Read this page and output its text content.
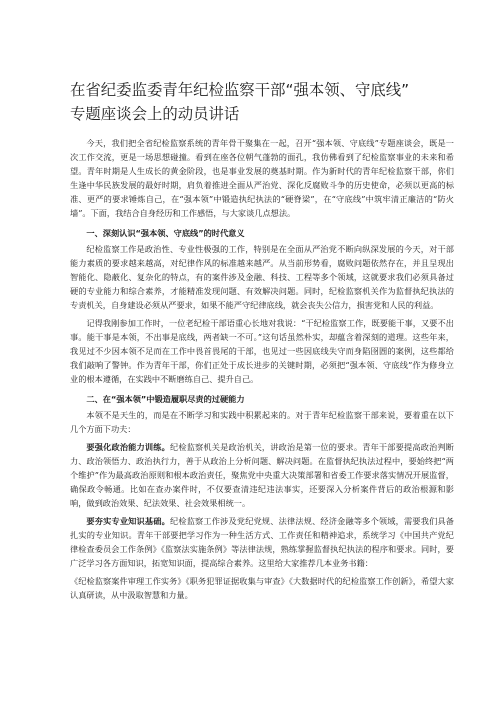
在省纪委监委青年纪检监察干部“强本领、守底线”
专题座谈会上的动员讲话

今天，我们把全省纪检监察系统的青年骨干聚集在一起，召开“强本领、守底线”专题座谈会，既是一次工作交流，更是一场思想碰撞。看到在座各位朝气蓬勃的面孔，我仿佛看到了纪检监察事业的未来和希望。青年时期是人生成长的黄金阶段，也是事业发展的奠基时期。作为新时代的青年纪检监察干部，你们生逢中华民族发展的最好时期，肩负着推进全面从严治党、深化反腐败斗争的历史使命，必须以更高的标准、更严的要求锤炼自己，在“强本领”中锻造执纪执法的“硬脊梁”，在“守底线”中筑牢清正廉洁的“防火墙”。下面，我结合自身经历和工作感悟，与大家谈几点想法。

一、深刻认识“强本领、守底线”的时代意义

纪检监察工作是政治性、专业性极强的工作，特别是在全面从严治党不断向纵深发展的今天，对干部能力素质的要求越来越高，对纪律作风的标准越来越严。从当前形势看，腐败问题依然存在，并且呈现出智能化、隐蔽化、复杂化的特点，有的案件涉及金融、科技、工程等多个领域，这就要求我们必须具备过硬的专业能力和综合素养，才能精准发现问题、有效解决问题。同时，纪检监察机关作为监督执纪执法的专责机关，自身建设必须从严要求，如果不能严守纪律底线，就会丧失公信力，损害党和人民的利益。

记得我刚参加工作时，一位老纪检干部语重心长地对我说：“干纪检监察工作，既要能干事，又要不出事。能干事是本领，不出事是底线，两者缺一不可。”这句话虽然朴实，却蕴含着深刻的道理。这些年来，我见过不少因本领不足而在工作中畏首畏尾的干部，也见过一些因底线失守而身陷囹圄的案例，这些都给我们敲响了警钟。作为青年干部，你们正处于成长进步的关键时期，必须把“强本领、守底线”作为修身立业的根本遵循，在实践中不断磨练自己、提升自己。

二、在“强本领”中锻造履职尽责的过硬能力

本领不是天生的，而是在不断学习和实践中积累起来的。对于青年纪检监察干部来说，要着重在以下几个方面下功夫：

要强化政治能力训练。纪检监察机关是政治机关，讲政治是第一位的要求。青年干部要提高政治判断力、政治领悟力、政治执行力，善于从政治上分析问题、解决问题。在监督执纪执法过程中，要始终把“两个维护”作为最高政治原则和根本政治责任，聚焦党中央重大决策部署和省委工作要求落实情况开展监督，确保政令畅通。比如在查办案件时，不仅要查清违纪违法事实，还要深入分析案件背后的政治根源和影响，做到政治效果、纪法效果、社会效果相统一。

要夯实专业知识基础。纪检监察工作涉及党纪党规、法律法规、经济金融等多个领域，需要我们具备扎实的专业知识。青年干部要把学习作为一种生活方式、工作责任和精神追求，系统学习《中国共产党纪律检查委员会工作条例》《监察法实施条例》等法律法规，熟练掌握监督执纪执法的程序和要求。同时，要广泛学习各方面知识，拓宽知识面，提高综合素养。这里给大家推荐几本业务书籍：

《纪检监察案件审理工作实务》《职务犯罪证据收集与审查》《大数据时代的纪检监察工作创新》，希望大家认真研读，从中汲取智慧和力量。
